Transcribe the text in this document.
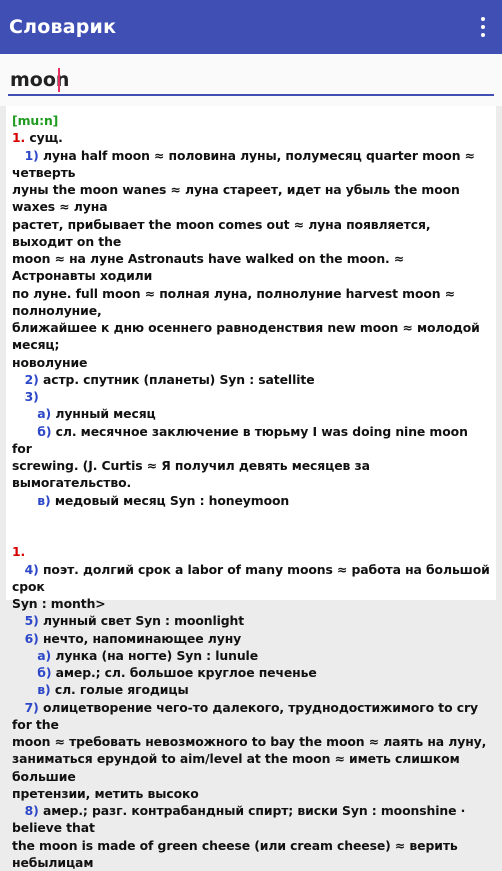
Словарик
moon
[mu:n]
1. сущ.
1) луна half moon ≈ половина луны, полумесяц quarter moon ≈ четверть
луны the moon wanes ≈ луна стареет, идет на убыль the moon waxes ≈ луна
растет, прибывает the moon comes out ≈ луна появляется, выходит on the
moon ≈ на луне Astronauts have walked on the moon. ≈ Астронавты ходили
по луне. full moon ≈ полная луна, полнолуние harvest moon ≈ полнолуние,
ближайшее к дню осеннего равноденствия new moon ≈ молодой месяц;
новолуние
2) астр. спутник (планеты) Syn : satellite
3)
а) лунный месяц
б) сл. месячное заключение в тюрьму I was doing nine moon for
screwing. (J. Curtis ≈ Я получил девять месяцев за вымогательство.
в) медовый месяц Syn : honeymoon
1.
4) поэт. долгий срок a labor of many moons ≈ работа на большой срок
Syn : month>
5) лунный свет Syn : moonlight
6) нечто, напоминающее луну
а) лунка (на ногте) Syn : lunule
б) амер.; сл. большое круглое печенье
в) сл. голые ягодицы
7) олицетворение чего-то далекого, труднодостижимого to cry for the
moon ≈ требовать невозможного to bay the moon ≈ лаять на луну,
заниматься ерундой to aim/level at the moon ≈ иметь слишком большие
претензии, метить высоко
8) амер.; разг. контрабандный спирт; виски Syn : moonshine · believe that
the moon is made of green cheese (или cream cheese) ≈ верить небылицам
